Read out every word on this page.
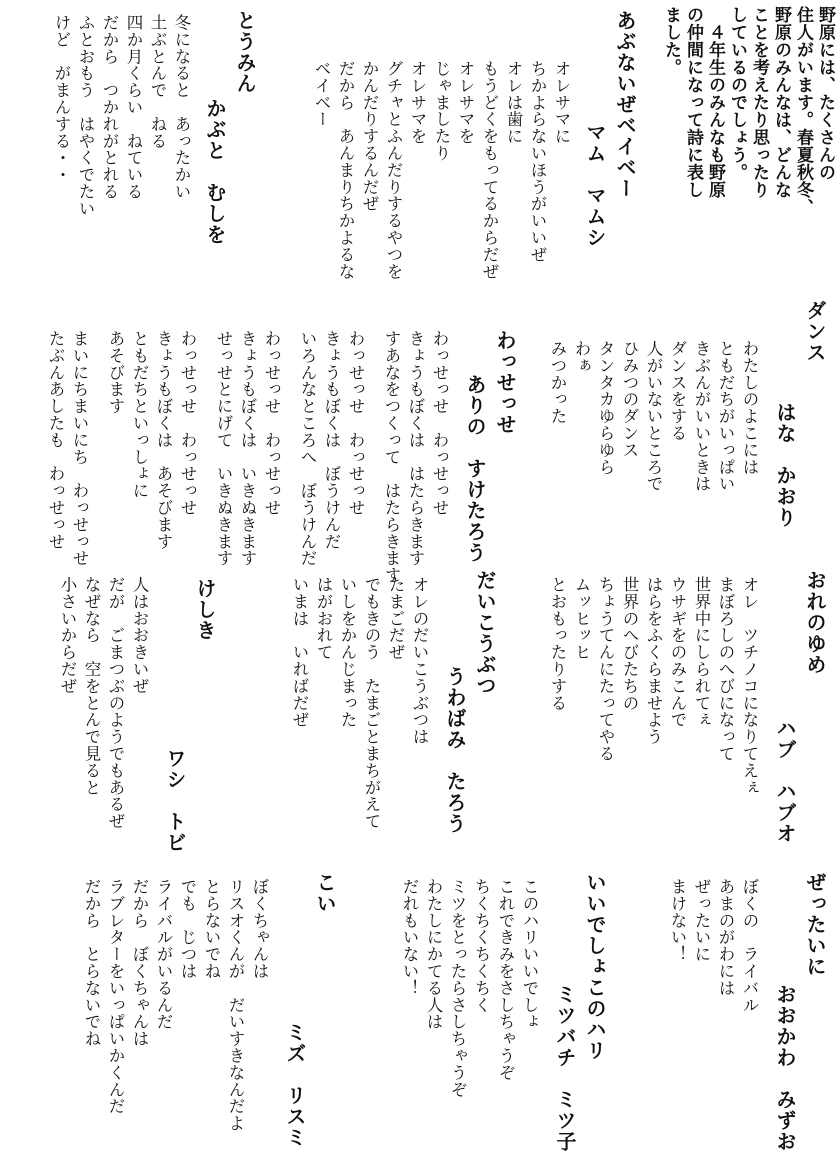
野原には、たくさんの
住人がいます。春夏秋冬、
野原のみんなは、どんな
ことを考えたり思ったり
しているのでしょう。
　４年生のみんなも野原
の仲間になって詩に表し
ました。
あぶないぜベイベー
マム　マムシ
オレサマに
ちかよらないほうがいいぜ
オレは歯に
もうどくをもってるからだぜ
オレサマを
じゃましたり
オレサマを
グチャとふんだりするやつを
かんだりするんだぜ
だから　あんまりちかよるな
ベイベー
とうみん
かぶと　むしを
冬になると　あったかい
土ぶとんで　ねる
四か月くらい　ねている
だから　つかれがとれる
ふとおもう　はやくでたい
けど　がまんする・・
ダンス
はな　かおり
わたしのよこには
ともだちがいっぱい
きぶんがいいときは
ダンスをする
人がいないところで
ひみつのダンス
タンタカゆらゆら
わぁ
みつかった
わっせっせ
ありの　すけたろう
わっせっせ　わっせっせ
きょうもぼくは　はたらきます
すあなをつくって　はたらきます
わっせっせ　わっせっせ
きょうもぼくは　ぼうけんだ
いろんなところへ　ぼうけんだ
わっせっせ　わっせっせ
きょうもぼくは　いきぬきます
せっせとにげて　いきぬきます
わっせっせ　わっせっせ
きょうもぼくは　あそびます
ともだちといっしょに
あそびます
まいにちまいにち　わっせっせ
たぶんあしたも　わっせっせ
おれのゆめ
ハブ　ハブオ
オレ　ツチノコになりてえぇ
まぼろしのへびになって
世界中にしられてぇ
ウサギをのみこんで
はらをふくらませよう
世界のへびたちの
ちょうてんにたってやる
ムッヒッヒ
とおもったりする
だいこうぶつ
うわばみ　たろう
オレのだいこうぶつは
たまごだぜ
でもきのう　たまごとまちがえて
いしをかんじまった
はがおれて
いまは　いればだぜ
けしき
ワシ　トビ
人はおおきいぜ
だが　ごまつぶのようでもあるぜ
なぜなら　空をとんで見ると
小さいからだぜ
ぜったいに
おおかわ　みずお
ぼくの　ライバル
あまのがわには
ぜったいに
まけない！
いいでしょこのハリ
ミツバチ　ミツ子
このハリいいでしょ
これできみをさしちゃうぞ
ちくちくちくちく
ミツをとったらさしちゃうぞ
わたしにかてる人は
だれもいない！
こい
ミズ　リスミ
ぼくちゃんは
リスオくんが　だいすきなんだよ
とらないでね
でも　じつは
ライバルがいるんだ
だから　ぼくちゃんは
ラブレターをいっぱいかくんだ
だから　とらないでね
